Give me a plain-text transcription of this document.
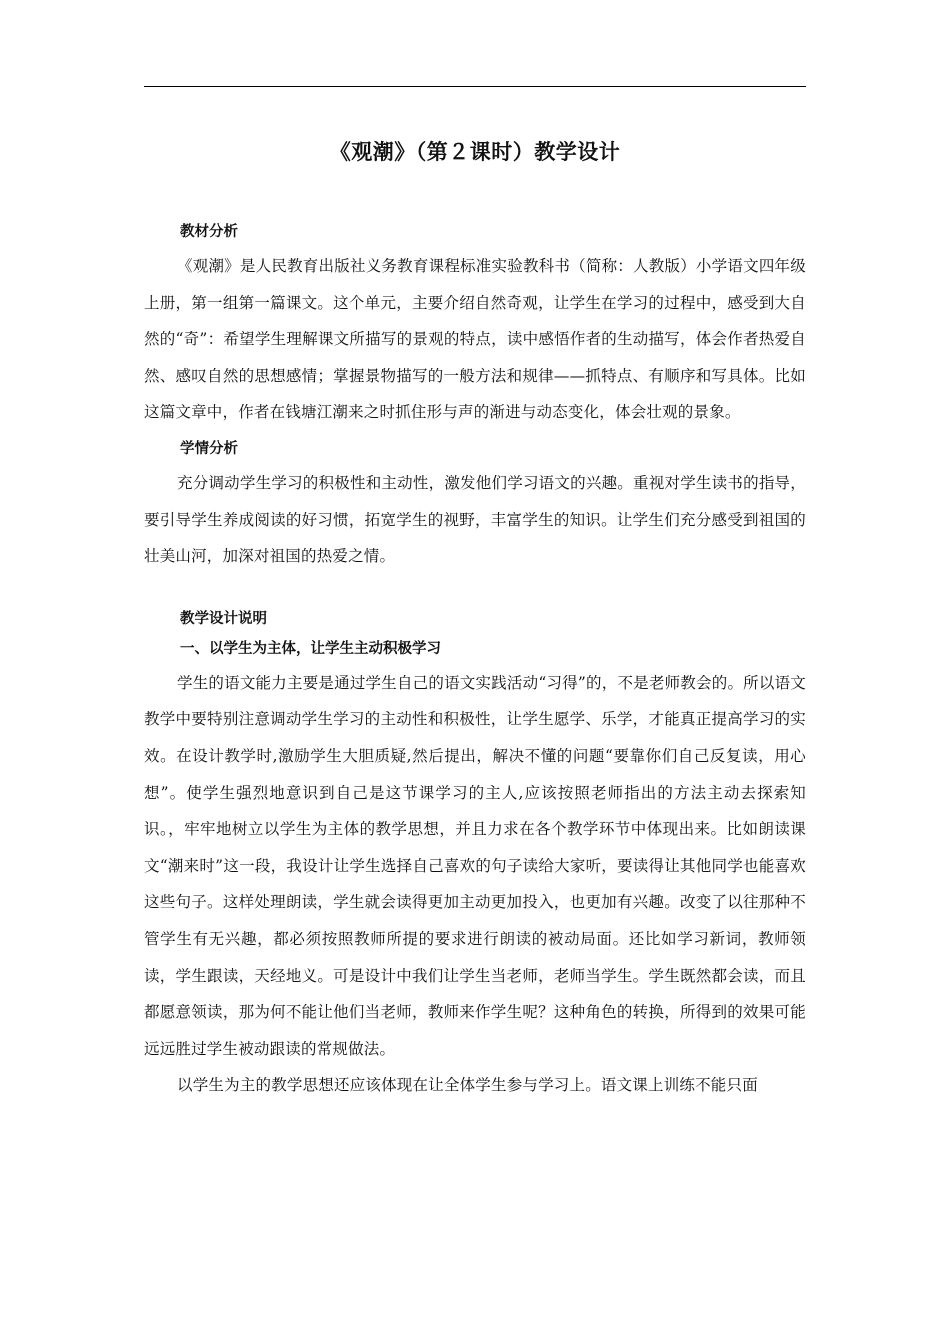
《观潮》（第２课时）教学设计

教材分析

《观潮》是人民教育出版社义务教育课程标准实验教科书（简称：人教版）小学语文四年级上册，第一组第一篇课文。这个单元，主要介绍自然奇观，让学生在学习的过程中，感受到大自然的“奇”：希望学生理解课文所描写的景观的特点，读中感悟作者的生动描写，体会作者热爱自然、感叹自然的思想感情；掌握景物描写的一般方法和规律——抓特点、有顺序和写具体。比如这篇文章中，作者在钱塘江潮来之时抓住形与声的渐进与动态变化，体会壮观的景象。

学情分析

充分调动学生学习的积极性和主动性，激发他们学习语文的兴趣。重视对学生读书的指导，要引导学生养成阅读的好习惯，拓宽学生的视野，丰富学生的知识。让学生们充分感受到祖国的壮美山河，加深对祖国的热爱之情。

教学设计说明

一、以学生为主体，让学生主动积极学习

学生的语文能力主要是通过学生自己的语文实践活动“习得”的，不是老师教会的。所以语文教学中要特别注意调动学生学习的主动性和积极性，让学生愿学、乐学，才能真正提高学习的实效。在设计教学时,激励学生大胆质疑,然后提出，解决不懂的问题“要靠你们自己反复读，用心想”。使学生强烈地意识到自己是这节课学习的主人,应该按照老师指出的方法主动去探索知识。，牢牢地树立以学生为主体的教学思想，并且力求在各个教学环节中体现出来。比如朗读课文“潮来时”这一段，我设计让学生选择自己喜欢的句子读给大家听，要读得让其他同学也能喜欢这些句子。这样处理朗读，学生就会读得更加主动更加投入，也更加有兴趣。改变了以往那种不管学生有无兴趣，都必须按照教师所提的要求进行朗读的被动局面。还比如学习新词，教师领读，学生跟读，天经地义。可是设计中我们让学生当老师，老师当学生。学生既然都会读，而且都愿意领读，那为何不能让他们当老师，教师来作学生呢？这种角色的转换，所得到的效果可能远远胜过学生被动跟读的常规做法。

以学生为主的教学思想还应该体现在让全体学生参与学习上。语文课上训练不能只面
